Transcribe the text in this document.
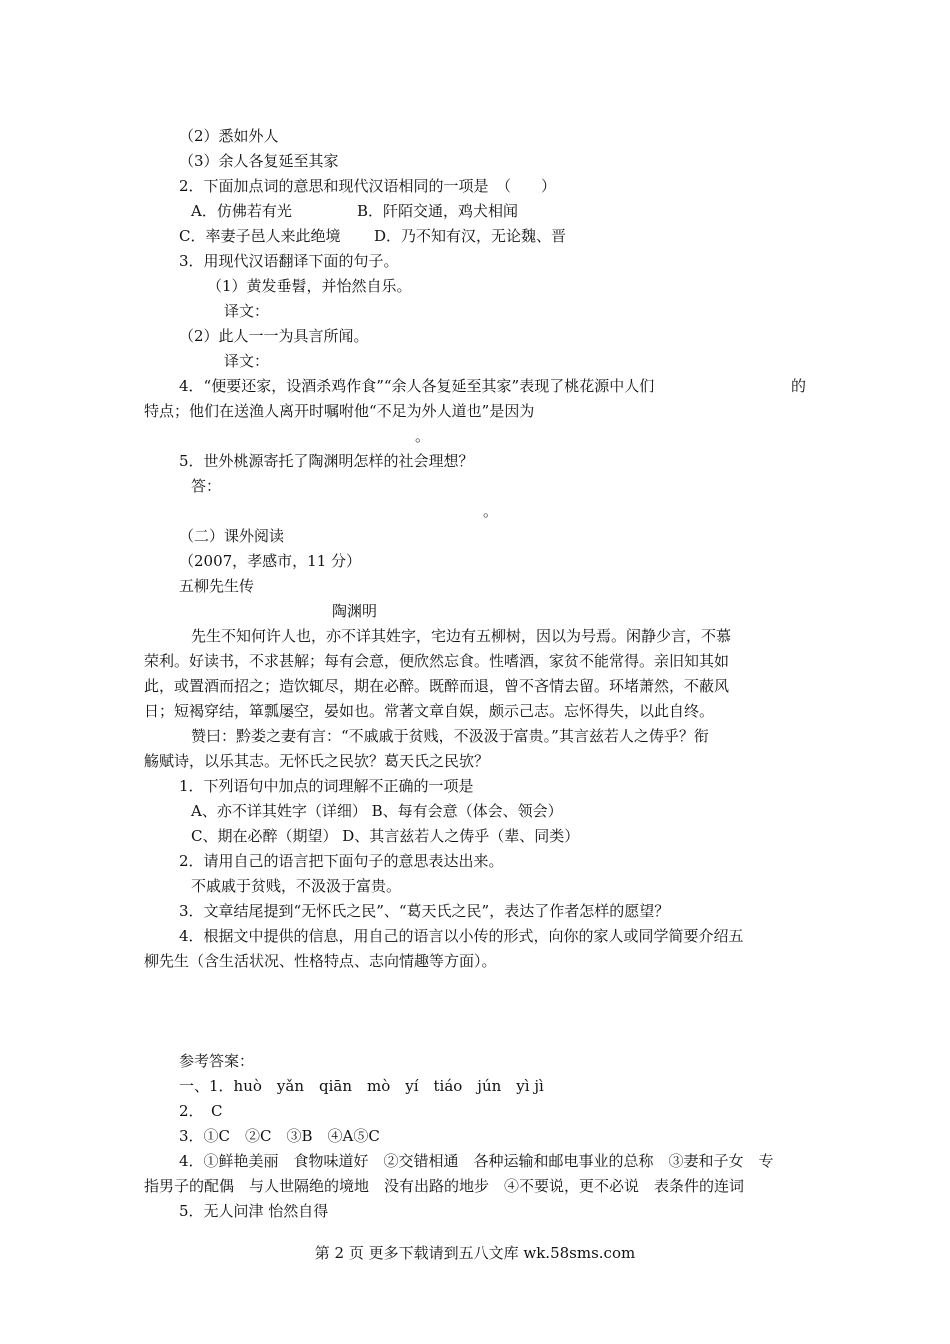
（2）悉如外人
（3）余人各复延至其家
2．下面加点词的意思和现代汉语相同的一项是　（　　）
A．仿佛若有光	B．阡陌交通，鸡犬相闻
C．率妻子邑人来此绝境 D．乃不知有汉，无论魏、晋
3．用现代汉语翻译下面的句子。
（1）黄发垂髫，并怡然自乐。
译文：
（2）此人一一为具言所闻。
译文：
4．“便要还家，设酒杀鸡作食”“余人各复延至其家”表现了桃花源中人们	的
特点；他们在送渔人离开时嘱咐他“不足为外人道也”是因为
。
5．世外桃源寄托了陶渊明怎样的社会理想？
答：
。
（二）课外阅读
（2007，孝感市，11 分）
五柳先生传
陶渊明
先生不知何许人也，亦不详其姓字，宅边有五柳树，因以为号焉。闲静少言，不慕
荣利。好读书，不求甚解；每有会意，便欣然忘食。性嗜酒，家贫不能常得。亲旧知其如
此，或置酒而招之；造饮辄尽，期在必醉。既醉而退，曾不吝情去留。环堵萧然，不蔽风
日；短褐穿结，箪瓢屡空，晏如也。常著文章自娱，颇示己志。忘怀得失，以此自终。
赞曰：黔娄之妻有言：“不戚戚于贫贱，不汲汲于富贵。”其言兹若人之俦乎？衔
觞赋诗，以乐其志。无怀氏之民欤？葛天氏之民欤？
1．下列语句中加点的词理解不正确的一项是
A、亦不详其姓字（详细） B、每有会意（体会、领会）
C、期在必醉（期望） D、其言兹若人之俦乎（辈、同类）
2．请用自己的语言把下面句子的意思表达出来。
不戚戚于贫贱，不汲汲于富贵。
3．文章结尾提到“无怀氏之民”、“葛天氏之民”，表达了作者怎样的愿望？
4．根据文中提供的信息，用自己的语言以小传的形式，向你的家人或同学简要介绍五
柳先生（含生活状况、性格特点、志向情趣等方面）。
参考答案：
一、1．huò　yǎn　qiān　mò　yí　tiáo　jún　yì jì
2．　C
3．①C　②C　③B　④A⑤C
4．①鲜艳美丽　食物味道好　②交错相通　各种运输和邮电事业的总称　③妻和子女　专
指男子的配偶　与人世隔绝的境地　没有出路的地步　④不要说，更不必说　表条件的连词
5．无人问津 怡然自得
第 2 页 更多下载请到五八文库 wk.58sms.com
